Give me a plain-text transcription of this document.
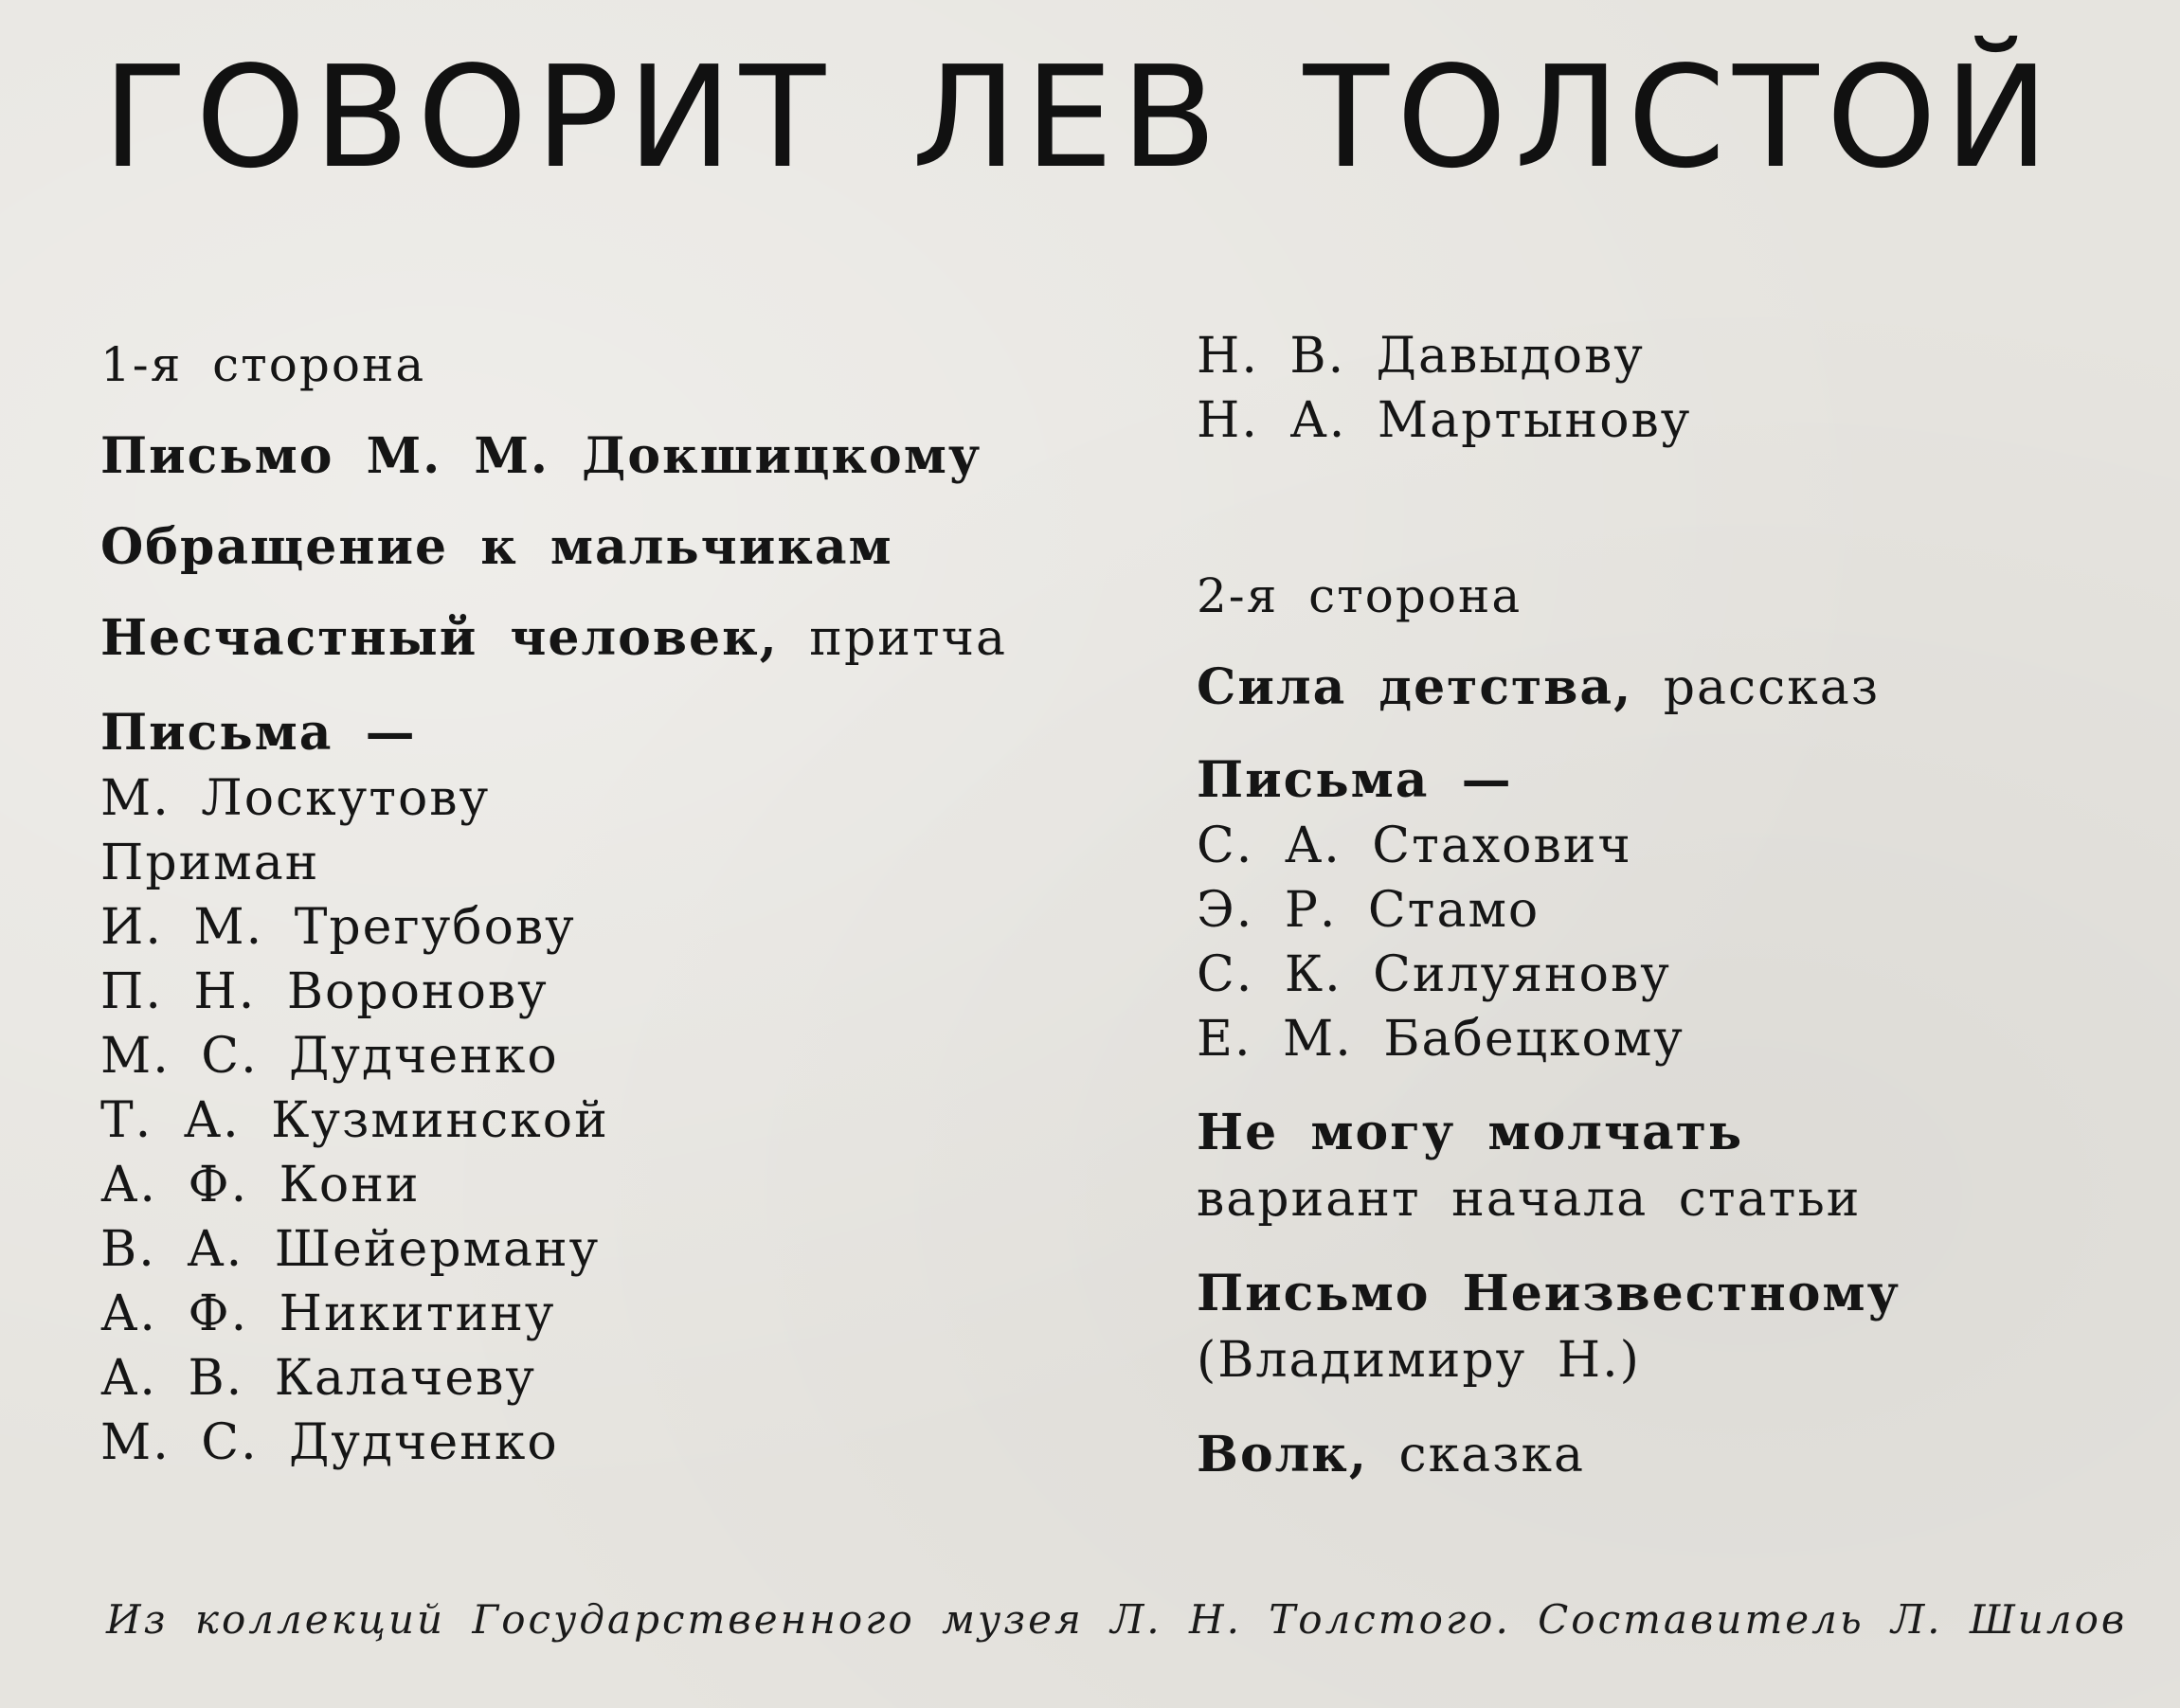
ГОВОРИТ ЛЕВ ТОЛСТОЙ
1-я сторона
Письмо М. М. Докшицкому
Обращение к мальчикам
Несчастный человек, притча
Письма —
М. Лоскутову
Приман
И. М. Трегубову
П. Н. Воронову
М. С. Дудченко
Т. А. Кузминской
А. Ф. Кони
В. А. Шейерману
А. Ф. Никитину
А. В. Калачеву
М. С. Дудченко
Н. В. Давыдову
Н. А. Мартынову
2-я сторона
Сила детства, рассказ
Письма —
С. А. Стахович
Э. Р. Стамо
С. К. Силуянову
Е. М. Бабецкому
Не могу молчать
вариант начала статьи
Письмо Неизвестному
(Владимиру Н.)
Волк, сказка
Из коллекций Государственного музея Л. Н. Толстого. Составитель Л. Шилов
